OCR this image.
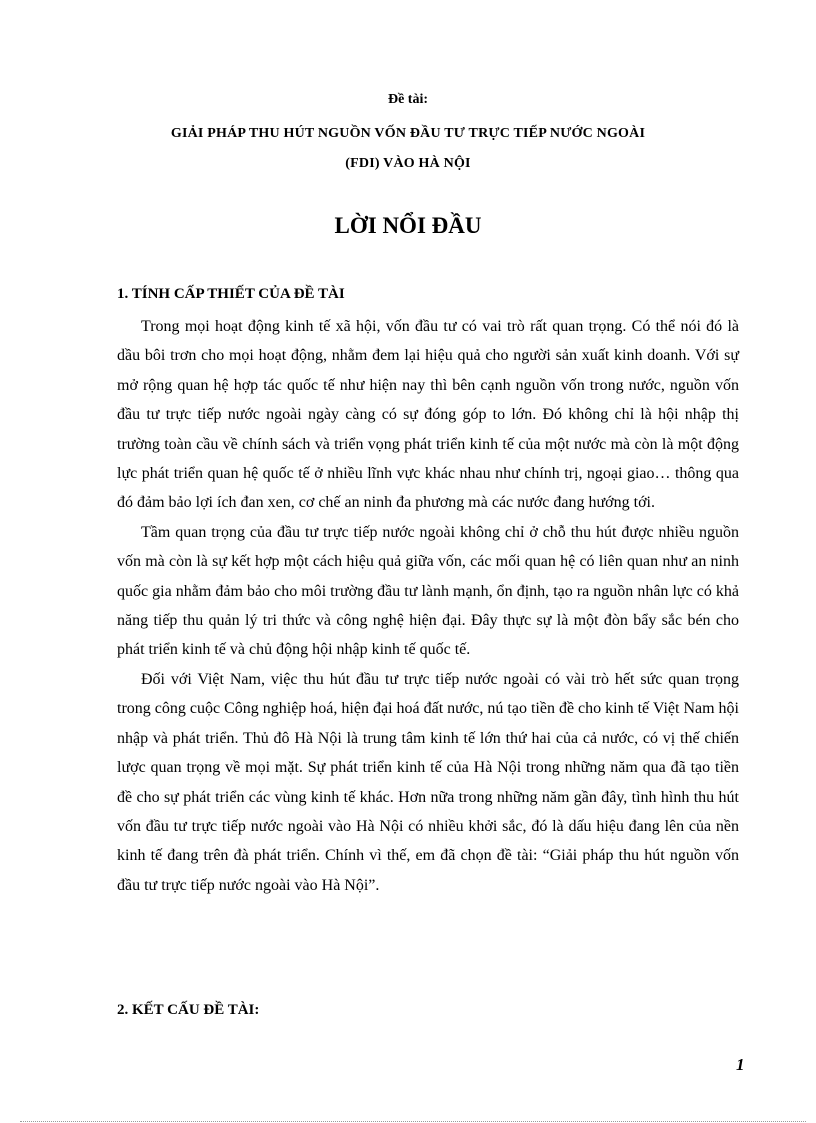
Đề tài:
GIẢI PHÁP THU HÚT NGUỒN VỐN ĐẦU TƯ TRỰC TIẾP NƯỚC NGOÀI
(FDI) VÀO HÀ NỘI
LỜI NỔI ĐẦU
1. TÍNH CẤP THIẾT CỦA ĐỀ TÀI

Trong mọi hoạt động kinh tế xã hội, vốn đầu tư có vai trò rất quan trọng. Có thể nói đó là dầu bôi trơn cho mọi hoạt động, nhằm đem lại hiệu quả cho người sản xuất kinh doanh. Với sự mở rộng quan hệ hợp tác quốc tế như hiện nay thì bên cạnh nguồn vốn trong nước, nguồn vốn đầu tư trực tiếp nước ngoài ngày càng có sự đóng góp to lớn. Đó không chỉ là hội nhập thị trường toàn cầu về chính sách và triển vọng phát triển kinh tế của một nước mà còn là một động lực phát triển quan hệ quốc tế ở nhiều lĩnh vực khác nhau như chính trị, ngoại giao… thông qua đó đảm bảo lợi ích đan xen, cơ chế an ninh đa phương mà các nước đang hướng tới.

Tầm quan trọng của đầu tư trực tiếp nước ngoài không chỉ ở chỗ thu hút được nhiều nguồn vốn mà còn là sự kết hợp một cách hiệu quả giữa vốn, các mối quan hệ có liên quan như an ninh quốc gia nhằm đảm bảo cho môi trường đầu tư lành mạnh, ổn định, tạo ra nguồn nhân lực có khả năng tiếp thu quản lý tri thức và công nghệ hiện đại. Đây thực sự là một đòn bẩy sắc bén cho phát triển kinh tế và chủ động hội nhập kinh tế quốc tế.

Đối với Việt Nam, việc thu hút đầu tư trực tiếp nước ngoài có vài trò hết sức quan trọng trong công cuộc Công nghiệp hoá, hiện đại hoá đất nước, nú tạo tiền đề cho kinh tế Việt Nam hội nhập và phát triển. Thủ đô Hà Nội là trung tâm kinh tế lớn thứ hai của cả nước, có vị thế chiến lược quan trọng về mọi mặt. Sự phát triển kinh tế của Hà Nội trong những năm qua đã tạo tiền đề cho sự phát triển các vùng kinh tế khác. Hơn nữa trong những năm gần đây, tình hình thu hút vốn đầu tư trực tiếp nước ngoài vào Hà Nội có nhiều khởi sắc, đó là dấu hiệu đang lên của nền kinh tế đang trên đà phát triển. Chính vì thế, em đã chọn đề tài: “Giải pháp thu hút nguồn vốn đầu tư trực tiếp nước ngoài vào Hà Nội”.

2. KẾT CẤU ĐỀ TÀI:
1
